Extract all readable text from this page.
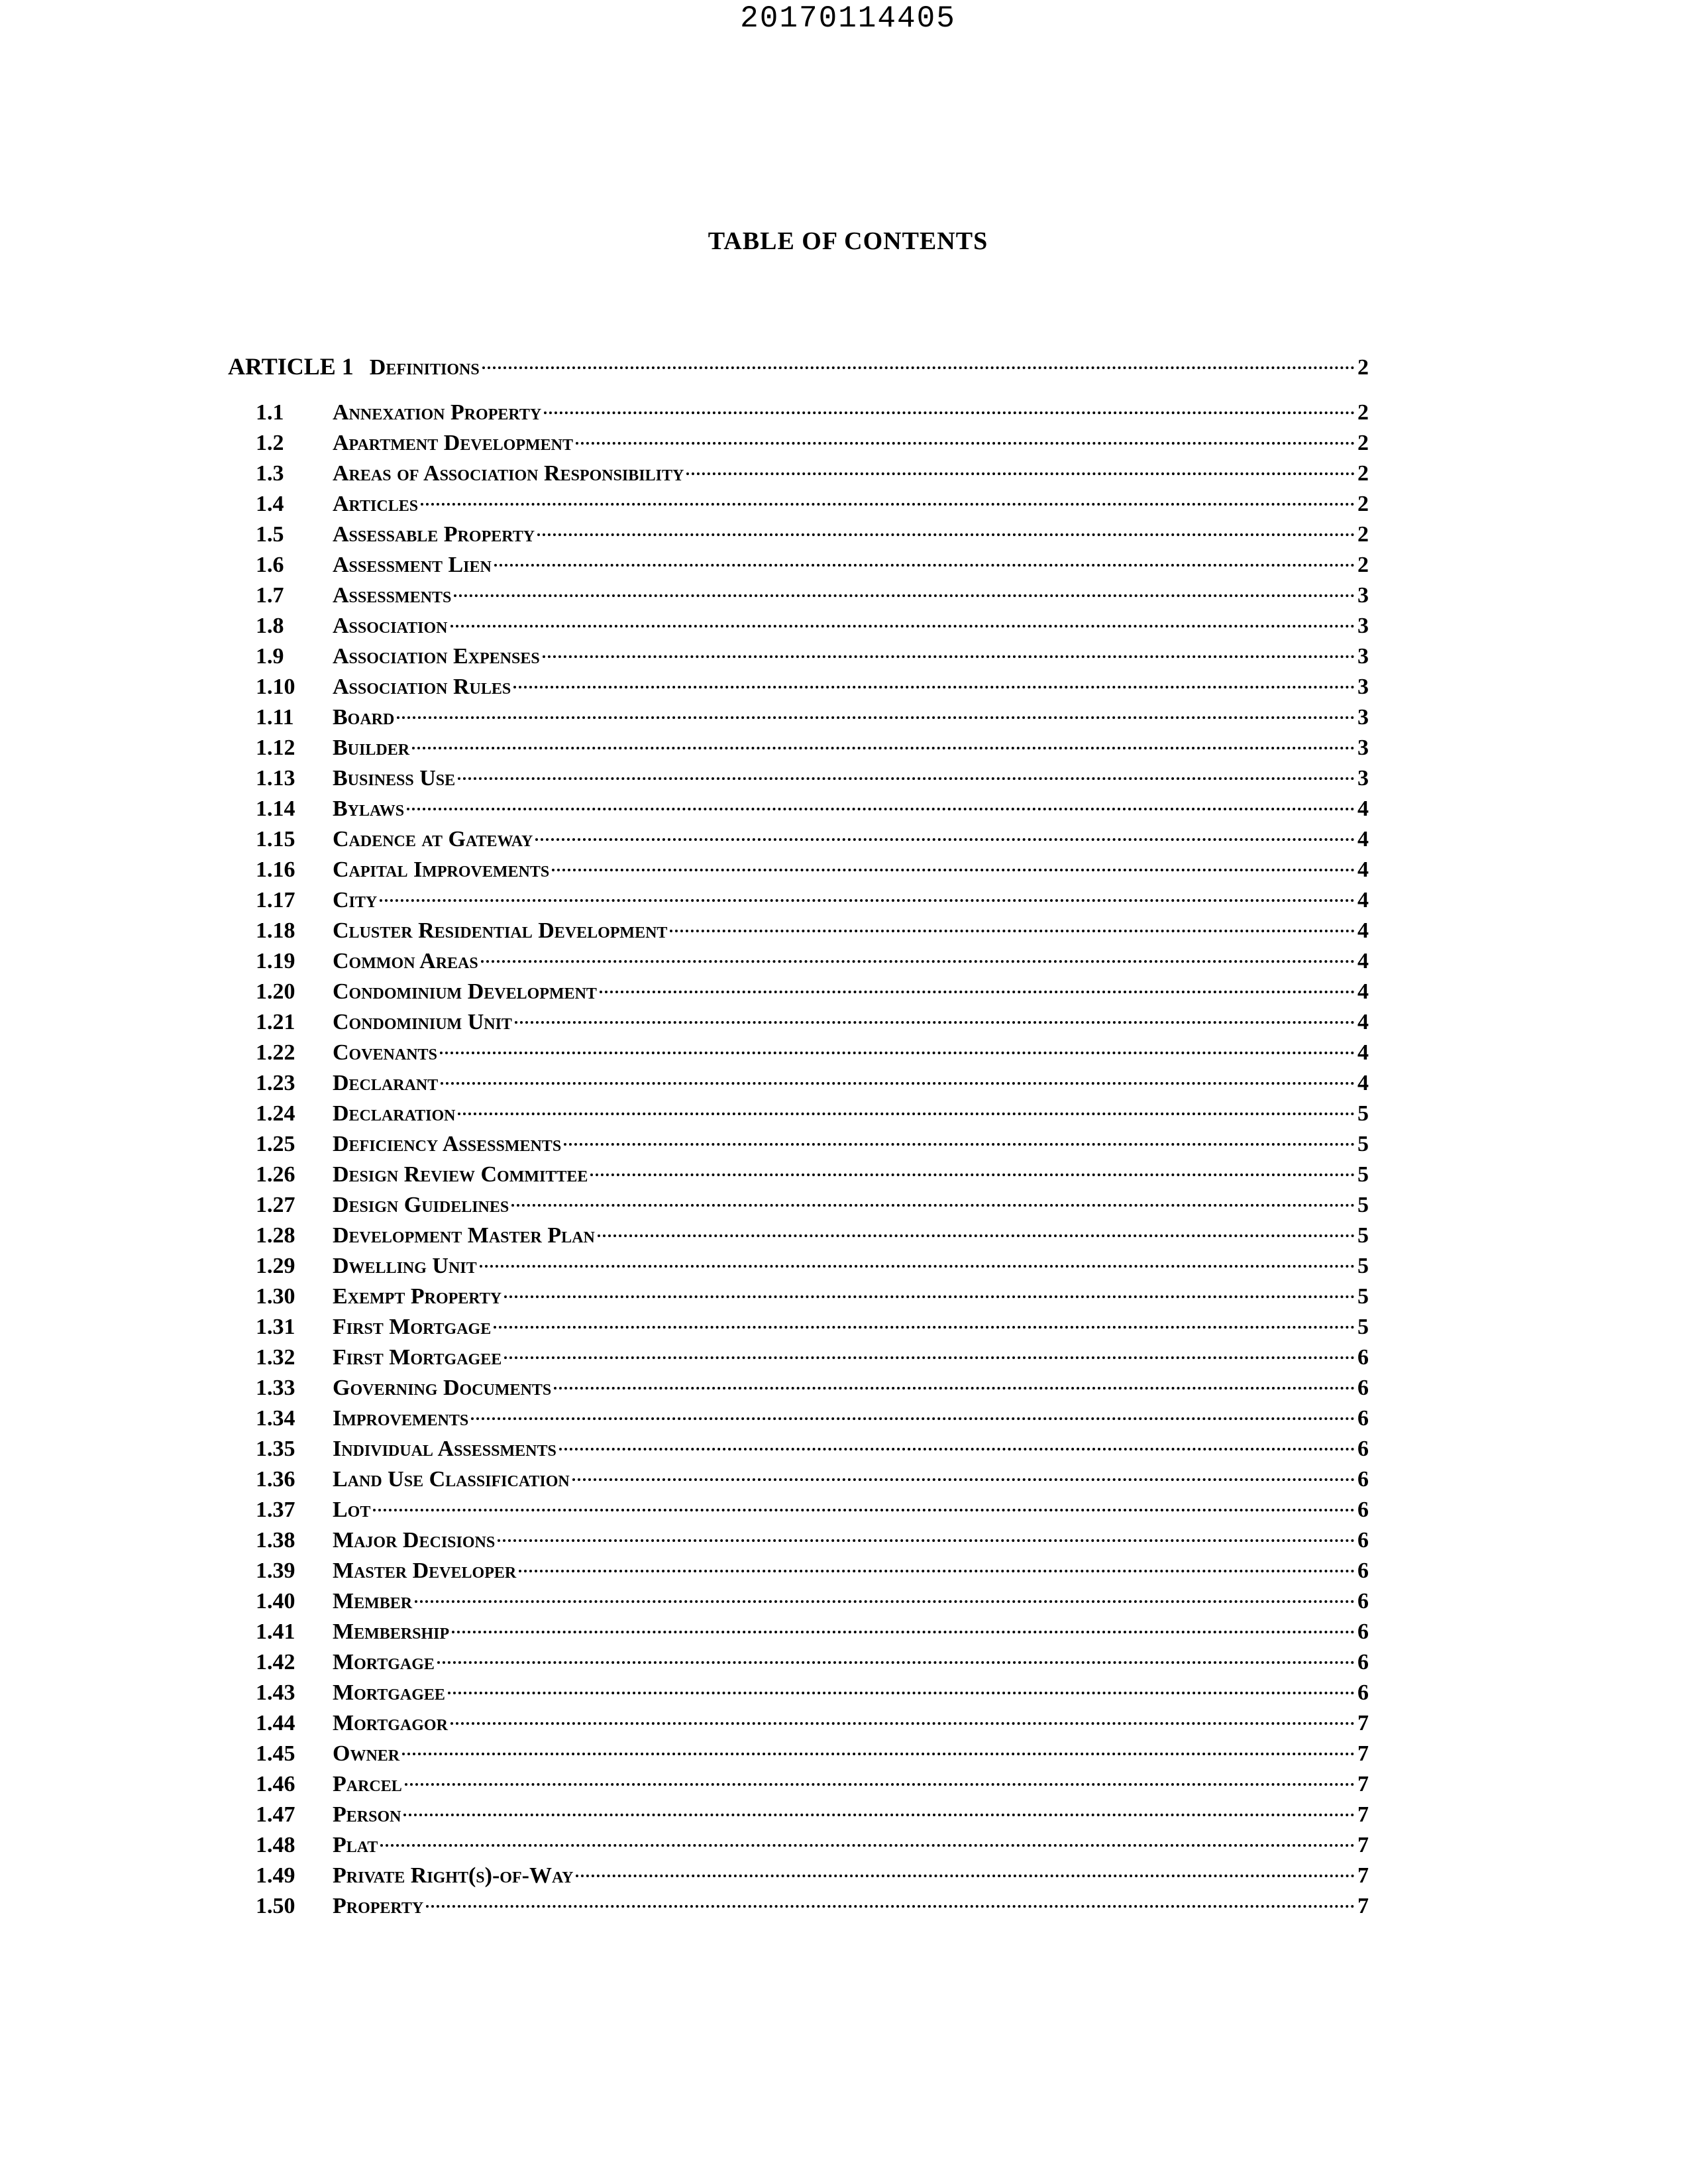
20170114405
TABLE OF CONTENTS
ARTICLE 1 Definitions	2
1.1	Annexation Property	2
1.2	Apartment Development	2
1.3	Areas of Association Responsibility	2
1.4	Articles	2
1.5	Assessable Property	2
1.6	Assessment Lien	2
1.7	Assessments	3
1.8	Association	3
1.9	Association Expenses	3
1.10	Association Rules	3
1.11	Board	3
1.12	Builder	3
1.13	Business Use	3
1.14	Bylaws	4
1.15	Cadence at Gateway	4
1.16	Capital Improvements	4
1.17	City	4
1.18	Cluster Residential Development	4
1.19	Common Areas	4
1.20	Condominium Development	4
1.21	Condominium Unit	4
1.22	Covenants	4
1.23	Declarant	4
1.24	Declaration	5
1.25	Deficiency Assessments	5
1.26	Design Review Committee	5
1.27	Design Guidelines	5
1.28	Development Master Plan	5
1.29	Dwelling Unit	5
1.30	Exempt Property	5
1.31	First Mortgage	5
1.32	First Mortgagee	6
1.33	Governing Documents	6
1.34	Improvements	6
1.35	Individual Assessments	6
1.36	Land Use Classification	6
1.37	Lot	6
1.38	Major Decisions	6
1.39	Master Developer	6
1.40	Member	6
1.41	Membership	6
1.42	Mortgage	6
1.43	Mortgagee	6
1.44	Mortgagor	7
1.45	Owner	7
1.46	Parcel	7
1.47	Person	7
1.48	Plat	7
1.49	Private Right(s)-of-Way	7
1.50	Property	7
